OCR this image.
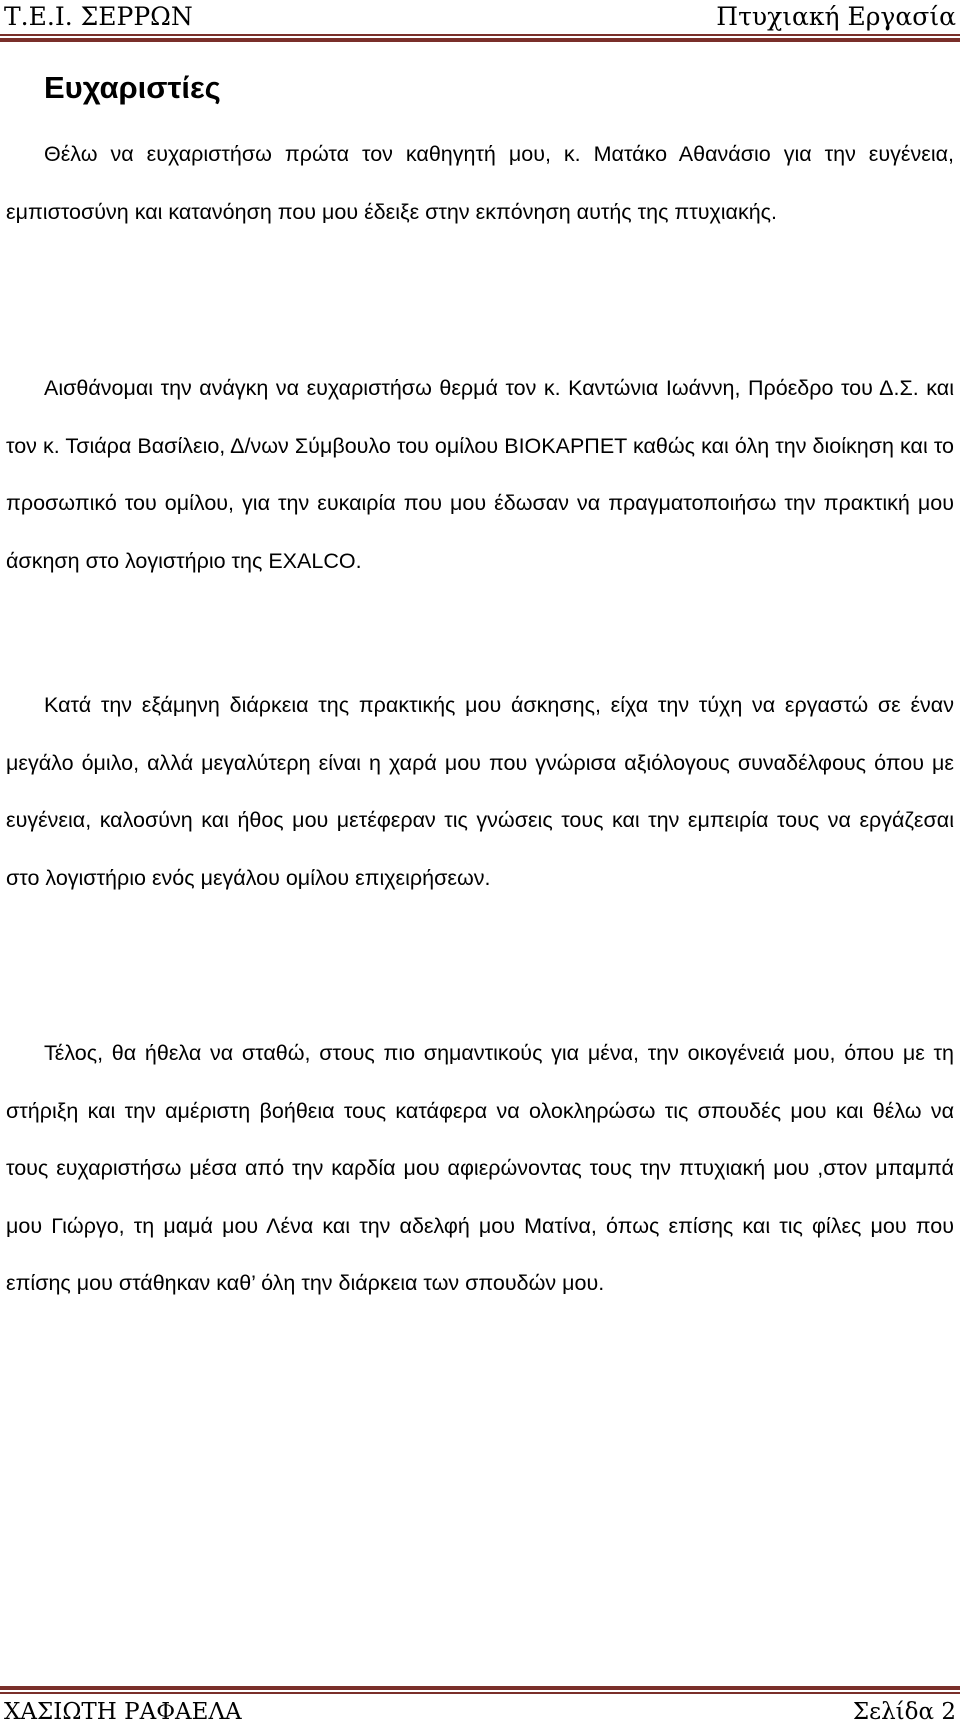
Τ.Ε.Ι. ΣΕΡΡΩΝ	Πτυχιακή Εργασία
Ευχαριστίες

Θέλω να ευχαριστήσω πρώτα τον καθηγητή μου, κ. Ματάκο Αθανάσιο για την ευγένεια, εμπιστοσύνη και κατανόηση που μου έδειξε στην εκπόνηση αυτής της πτυχιακής.

Αισθάνομαι την ανάγκη να ευχαριστήσω θερμά τον κ. Καντώνια Ιωάννη, Πρόεδρο του Δ.Σ. και τον κ. Τσιάρα Βασίλειο, Δ/νων Σύμβουλο του ομίλου ΒΙΟΚΑΡΠΕΤ καθώς και όλη την διοίκηση και το προσωπικό του ομίλου, για την ευκαιρία που μου έδωσαν να πραγματοποιήσω την πρακτική μου άσκηση στο λογιστήριο της EXALCO.

Κατά την εξάμηνη διάρκεια της πρακτικής μου άσκησης, είχα την τύχη να εργαστώ σε έναν μεγάλο όμιλο, αλλά μεγαλύτερη είναι η χαρά μου που γνώρισα αξιόλογους συναδέλφους όπου με ευγένεια, καλοσύνη και ήθος μου μετέφεραν τις γνώσεις τους και την εμπειρία τους να εργάζεσαι στο λογιστήριο ενός μεγάλου ομίλου επιχειρήσεων.

Τέλος, θα ήθελα να σταθώ, στους πιο σημαντικούς για μένα, την οικογένειά μου, όπου με τη στήριξη και την αμέριστη βοήθεια τους κατάφερα να ολοκληρώσω τις σπουδές μου και θέλω να τους ευχαριστήσω μέσα από την καρδία μου αφιερώνοντας τους την πτυχιακή μου ,στον μπαμπά μου Γιώργο, τη μαμά μου Λένα και την αδελφή μου Ματίνα, όπως επίσης και τις φίλες μου που επίσης μου στάθηκαν καθ’ όλη την διάρκεια των σπουδών μου.

ΧΑΣΙΩΤΗ ΡΑΦΑΕΛΑ	Σελίδα 2
